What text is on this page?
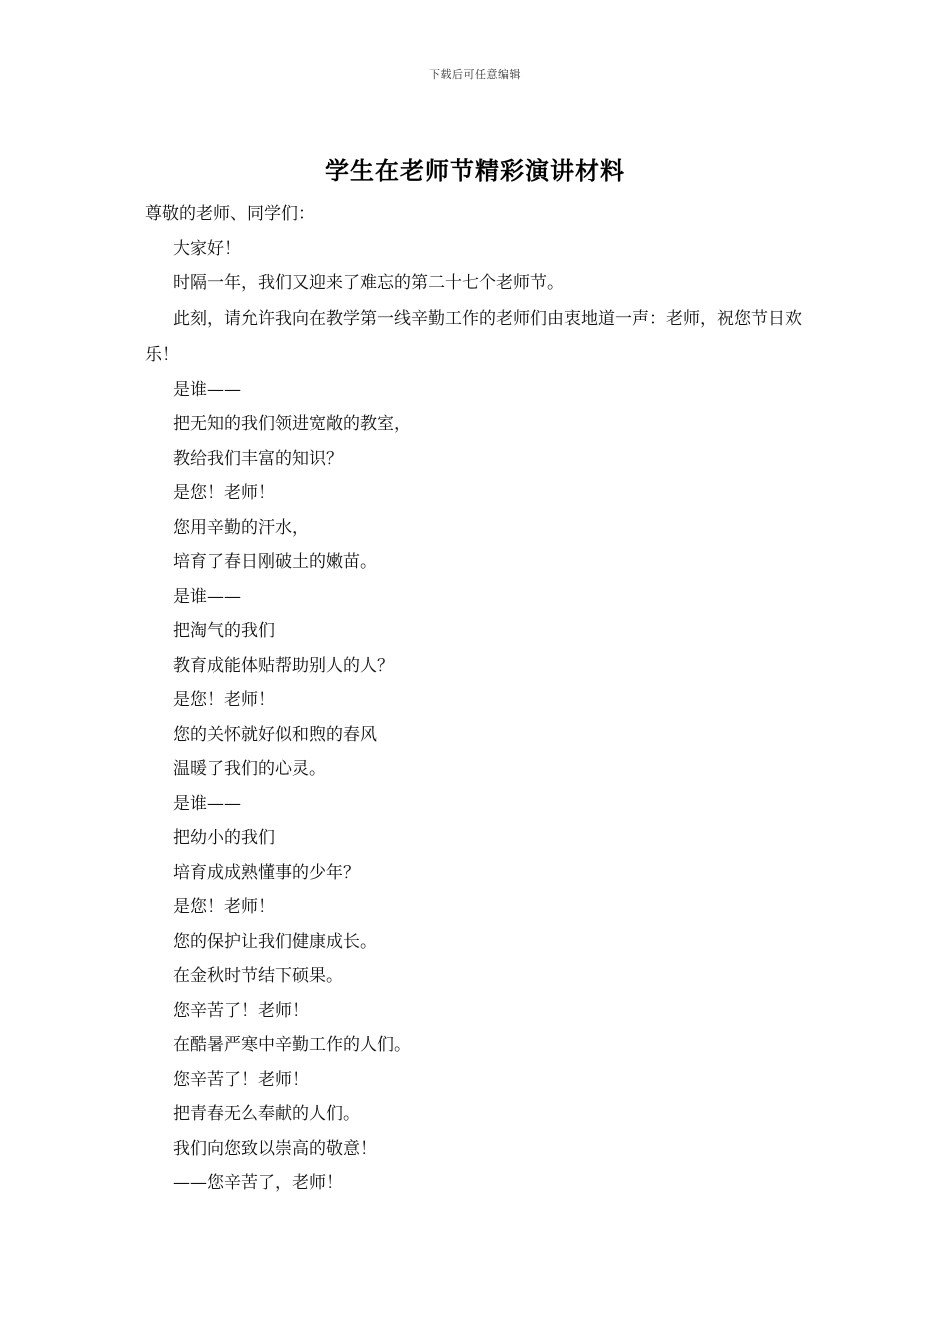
下载后可任意编辑
学生在老师节精彩演讲材料
尊敬的老师、同学们：
大家好！
时隔一年，我们又迎来了难忘的第二十七个老师节。
此刻，请允许我向在教学第一线辛勤工作的老师们由衷地道一声：老师，祝您节日欢乐！
是谁——
把无知的我们领进宽敞的教室，
教给我们丰富的知识？
是您！老师！
您用辛勤的汗水，
培育了春日刚破土的嫩苗。
是谁——
把淘气的我们
教育成能体贴帮助别人的人？
是您！老师！
您的关怀就好似和煦的春风
温暖了我们的心灵。
是谁——
把幼小的我们
培育成成熟懂事的少年？
是您！老师！
您的保护让我们健康成长。
在金秋时节结下硕果。
您辛苦了！老师！
在酷暑严寒中辛勤工作的人们。
您辛苦了！老师！
把青春无么奉献的人们。
我们向您致以崇高的敬意！
——您辛苦了，老师！
